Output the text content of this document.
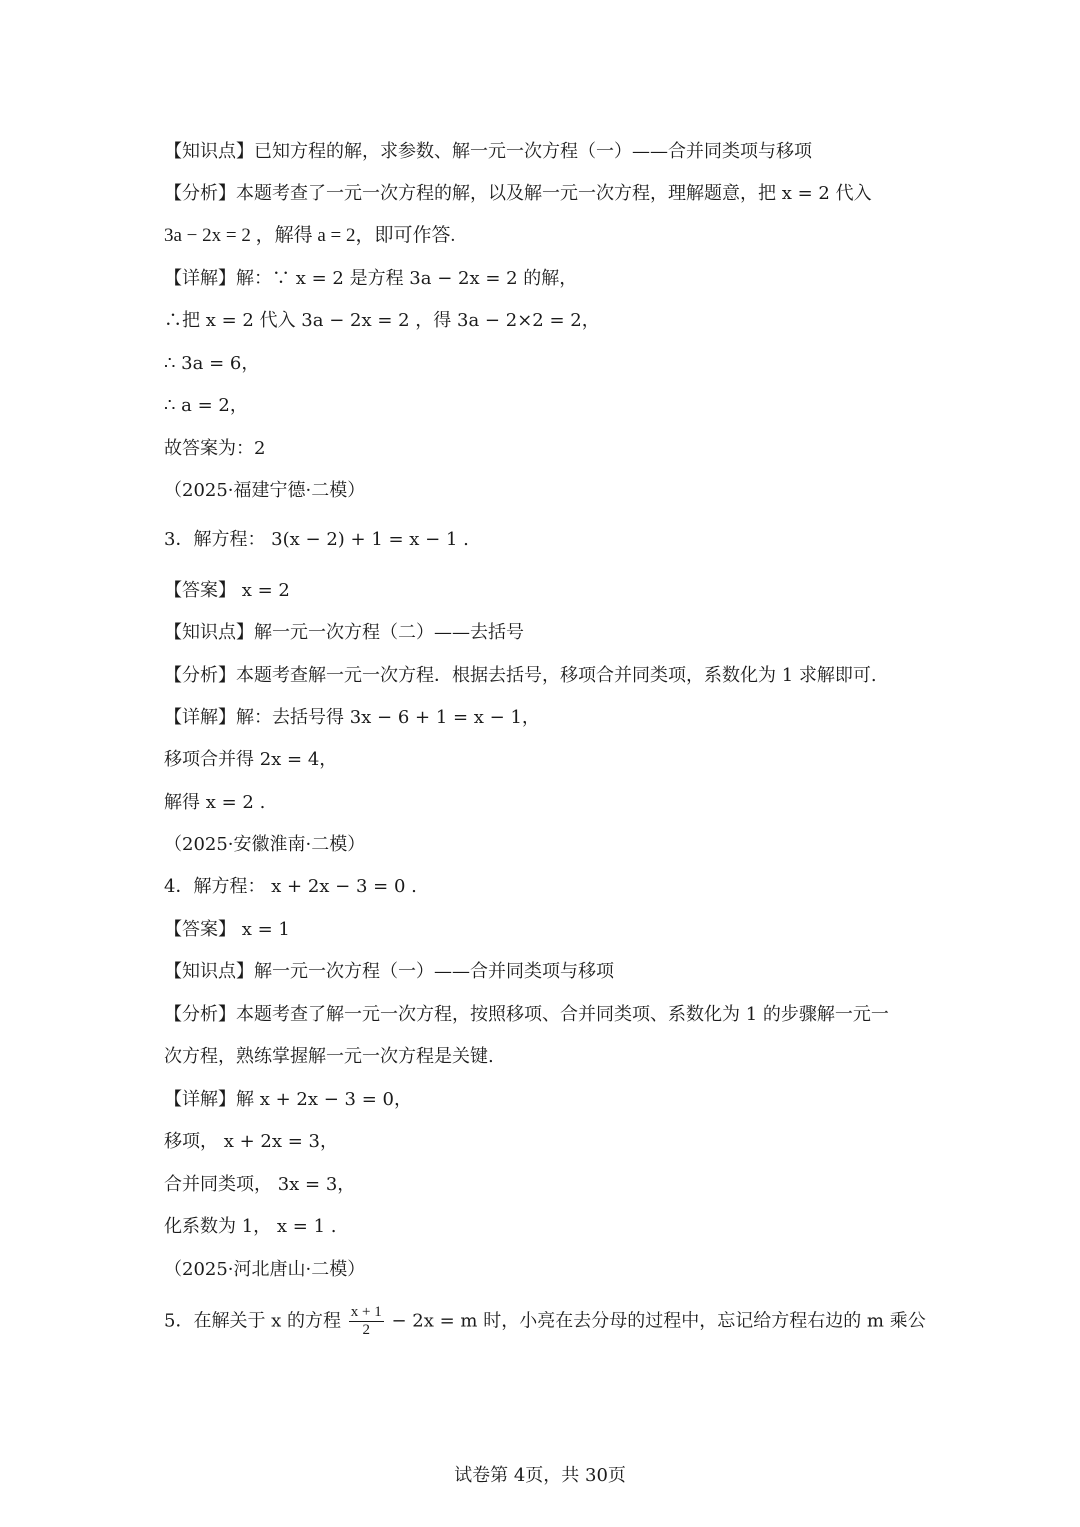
【知识点】已知方程的解，求参数、解一元一次方程（一）——合并同类项与移项
【分析】本题考查了一元一次方程的解，以及解一元一次方程，理解题意，把 x = 2 代入
3a − 2x = 2 ，解得 a = 2，即可作答.
【详解】解：∵ x = 2 是方程 3a − 2x = 2 的解，
∴把 x = 2 代入 3a − 2x = 2 ，得 3a − 2×2 = 2，
∴ 3a = 6，
∴ a = 2，
故答案为：2
（2025·福建宁德·二模）
3．解方程： 3(x − 2) + 1 = x − 1 .
【答案】 x = 2
【知识点】解一元一次方程（二）——去括号
【分析】本题考查解一元一次方程．根据去括号，移项合并同类项，系数化为 1 求解即可.
【详解】解：去括号得 3x − 6 + 1 = x − 1，
移项合并得 2x = 4，
解得 x = 2 .
（2025·安徽淮南·二模）
4．解方程： x + 2x − 3 = 0 .
【答案】 x = 1
【知识点】解一元一次方程（一）——合并同类项与移项
【分析】本题考查了解一元一次方程，按照移项、合并同类项、系数化为 1 的步骤解一元一
次方程，熟练掌握解一元一次方程是关键.
【详解】解 x + 2x − 3 = 0，
移项， x + 2x = 3，
合并同类项， 3x = 3，
化系数为 1， x = 1 .
（2025·河北唐山·二模）
5．在解关于 x 的方程 $\frac{x + 1}{2} - 2x = m$ 时，小亮在去分母的过程中，忘记给方程右边的 m 乘公
试卷第 4页，共 30页
